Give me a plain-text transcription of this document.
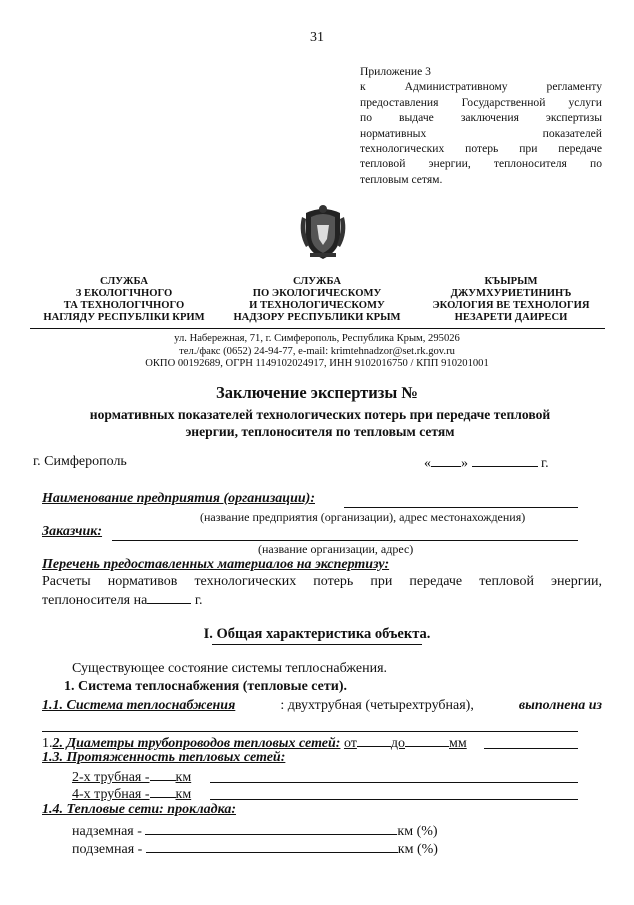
31
Приложение 3
к Административному регламенту
предоставления Государственной услуги
по выдаче заключения экспертизы
нормативных показателей
технологических потерь при передаче
тепловой энергии, теплоносителя по
тепловым сетям.
СЛУЖБА
З ЕКОЛОГІЧНОГО
ТА ТЕХНОЛОГІЧНОГО
НАГЛЯДУ РЕСПУБЛІКИ КРИМ
СЛУЖБА
ПО ЭКОЛОГИЧЕСКОМУ
И ТЕХНОЛОГИЧЕСКОМУ
НАДЗОРУ РЕСПУБЛИКИ КРЫМ
КЪЫРЫМ
ДЖУМХУРИЕТИНИНЪ
ЭКОЛОГИЯ ВЕ ТЕХНОЛОГИЯ
НЕЗАРЕТИ ДАИРЕСИ
ул. Набережная, 71, г. Симферополь, Республика Крым, 295026
тел./факс (0652) 24-94-77, e-mail: krimtehnadzor@set.rk.gov.ru
ОКПО 00192689, ОГРН 1149102024917, ИНН 9102016750 / КПП 910201001
Заключение экспертизы №
нормативных показателей технологических потерь при передаче тепловой
энергии, теплоносителя по тепловым сетям
г. Симферополь	« »	г.
Наименование предприятия (организации):
(название предприятия (организации), адрес местонахождения)
Заказчик:
(название организации, адрес)
Перечень предоставленных материалов на экспертизу:
Расчеты нормативов технологических потерь при передаче тепловой энергии,
теплоносителя на	г.
I. Общая характеристика объекта.
Существующее состояние системы теплоснабжения.
1. Система теплоснабжения (тепловые сети).
1.1. Система теплоснабжения	: двухтрубная (четырехтрубная),	выполнена из
1.2. Диаметры трубопроводов тепловых сетей: от до	мм
1.3. Протяженность тепловых сетей:
2-х трубная - км
4-х трубная - км
1.4. Тепловые сети: прокладка:
надземная -	км (%)
подземная -	км (%)
